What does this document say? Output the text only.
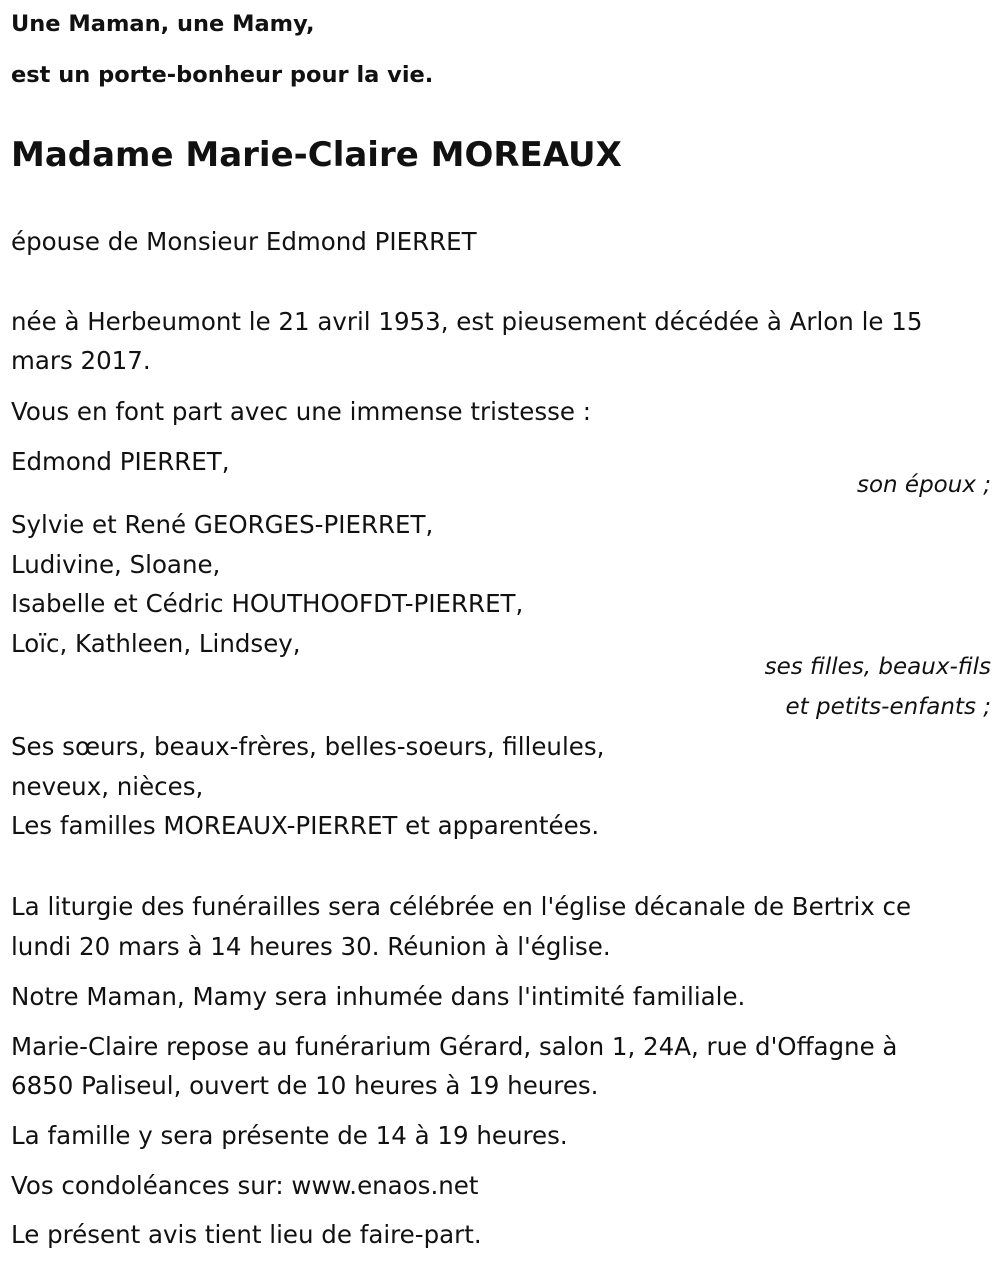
Une Maman, une Mamy,
est un porte-bonheur pour la vie.
Madame Marie-Claire MOREAUX
épouse de Monsieur Edmond PIERRET
née à Herbeumont le 21 avril 1953, est pieusement décédée à Arlon le 15
mars 2017.
Vous en font part avec une immense tristesse :
Edmond PIERRET,
son époux ;
Sylvie et René GEORGES-PIERRET,
Ludivine, Sloane,
Isabelle et Cédric HOUTHOOFDT-PIERRET,
Loïc, Kathleen, Lindsey,
ses filles, beaux-fils
et petits-enfants ;
Ses sœurs, beaux-frères, belles-soeurs, filleules,
neveux, nièces,
Les familles MOREAUX-PIERRET et apparentées.
La liturgie des funérailles sera célébrée en l'église décanale de Bertrix ce
lundi 20 mars à 14 heures 30. Réunion à l'église.
Notre Maman, Mamy sera inhumée dans l'intimité familiale.
Marie-Claire repose au funérarium Gérard, salon 1, 24A, rue d'Offagne à
6850 Paliseul, ouvert de 10 heures à 19 heures.
La famille y sera présente de 14 à 19 heures.
Vos condoléances sur: www.enaos.net
Le présent avis tient lieu de faire-part.
